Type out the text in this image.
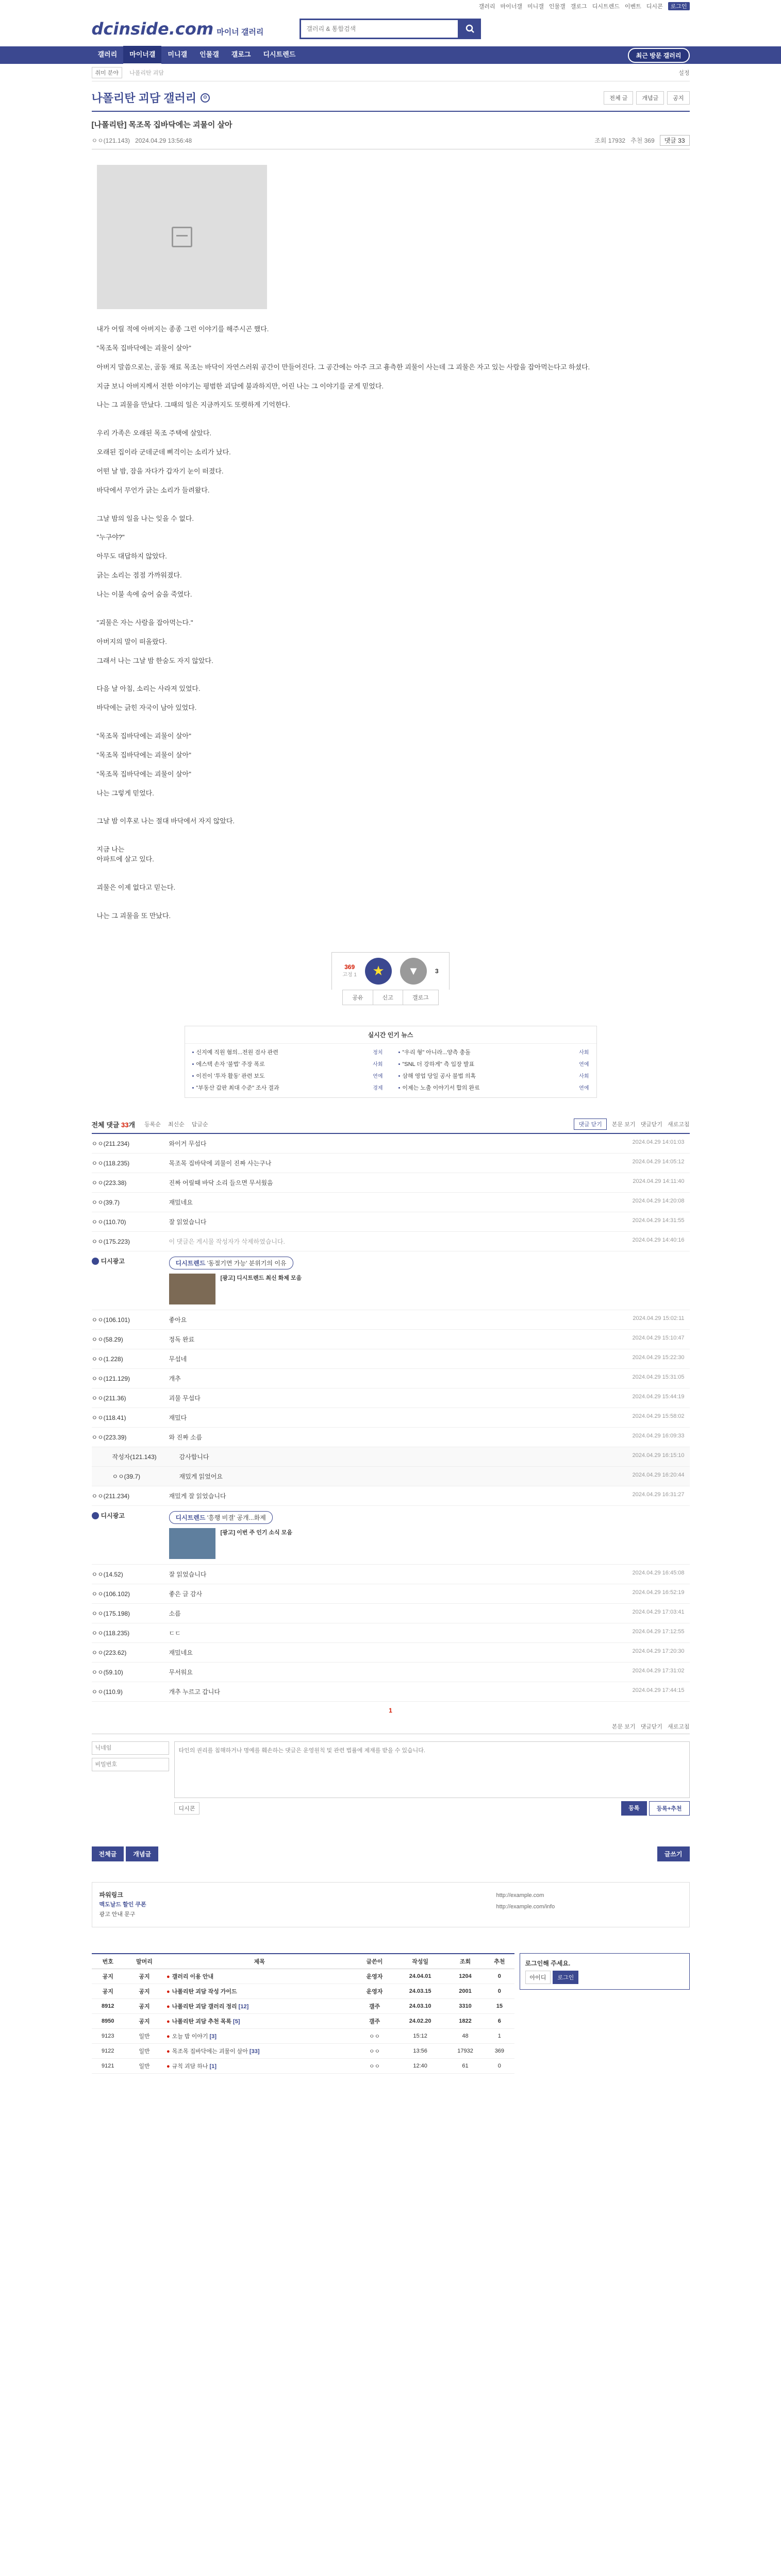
갤러리 마이너갤 미니갤 인물갤 갤로그 디시트렌드 이벤트 디시콘	로그인
dcinside.com 마이너 갤러리
갤러리 & 통합검색
갤러리	마이너갤	미니갤	인물갤	갤로그	디시트렌드	최근 방문 갤러리
취미 분야	나폴리탄 괴담	설정
나폴리탄 괴담 갤러리	⚙	전체 글	개념글	공지
[나폴리탄] 목조목 집바닥에는 괴물이 살아
ㅇㅇ(121.143) 2024.04.29 13:56:48	조회 17932 추천 369	댓글 33

내가 어릴 적에 아버지는 종종 그런 이야기를 해주시곤 했다.

"목조목 집바닥에는 괴물이 살아"

아버지 말씀으로는, 골동 재료 목조는 바닥이 자연스러워 공간이 만들어진다. 그 공간에는 아주 크고 흉측한 괴물이 사는데 그 괴물은 자고 있는 사람을 잡아먹는다고 하셨다.

지금 보니 아버지께서 전한 이야기는 평범한 괴담에 불과하지만, 어린 나는 그 이야기를 굳게 믿었다.

나는 그 괴물을 만났다. 그때의 일은 지금까지도 또렷하게 기억한다.

우리 가족은 오래된 목조 주택에 살았다.

오래된 집이라 군데군데 삐걱이는 소리가 났다.

어떤 날 밤, 잠을 자다가 갑자기 눈이 떠졌다.

바닥에서 무언가 긁는 소리가 들려왔다.

그날 밤의 일을 나는 잊을 수 없다.

"누구야?"

아무도 대답하지 않았다.

긁는 소리는 점점 가까워졌다.

나는 이불 속에 숨어 숨을 죽였다.

"괴물은 자는 사람을 잡아먹는다."

아버지의 말이 떠올랐다.

그래서 나는 그날 밤 한숨도 자지 않았다.

다음 날 아침, 소리는 사라져 있었다.

바닥에는 긁힌 자국이 남아 있었다.

"목조목 집바닥에는 괴물이 살아"

"목조목 집바닥에는 괴물이 살아"

"목조목 집바닥에는 괴물이 살아"

나는 그렇게 믿었다.

그날 밤 이후로 나는 절대 바닥에서 자지 않았다.

지금 나는

아파트에 살고 있다.

괴물은 이제 없다고 믿는다.

나는 그 괴물을 또 만났다.

369
고정 1 ★ ▼	3
공유	신고	갤로그
실시간 인기 뉴스
• 신지예 직원 혐의...전원 검사 관련	정치
• 에스텍 손자 '불법' 주장 폭로	사회
• 이진이 '투자 활동' 관련 보도	연예
• "부동산 갑판 최대 수준" 조사 결과	경제
• "우리 형" 아니라...양측 충돌	사회
• "SNL 더 강하게" 측 입장 발표	연예
• 삼해 영업 당일 공사 불법 의혹	사회
• 이제는 노출 이야기서 합의 완료	연예
전체 댓글 33개 등록순 최신순 답글순	댓글 닫기	본문 보기 댓글닫기 새로고침
ㅇㅇ(211.234)	와이거 무섭다	2024.04.29 14:01:03
ㅇㅇ(118.235)	목조목 집바닥에 괴물이 진짜 사는구나	2024.04.29 14:05:12
ㅇㅇ(223.38)	진짜 어릴때 바닥 소리 들으면 무서웠음	2024.04.29 14:11:40
ㅇㅇ(39.7)	재밌네요	2024.04.29 14:20:08
ㅇㅇ(110.70)	잘 읽었습니다	2024.04.29 14:31:55
ㅇㅇ(175.223)	이 댓글은 게시물 작성자가 삭제하였습니다.	2024.04.29 14:40:16
디시광고	디시트렌드 '동절기면 가능' 분위기의 이유
[광고] 디시트렌드 최신 화제 모음
ㅇㅇ(106.101)	좋아요	2024.04.29 15:02:11
ㅇㅇ(58.29)	정독 완료	2024.04.29 15:10:47
ㅇㅇ(1.228)	무섭네	2024.04.29 15:22:30
ㅇㅇ(121.129)	개추	2024.04.29 15:31:05
ㅇㅇ(211.36)	괴물 무섭다	2024.04.29 15:44:19
ㅇㅇ(118.41)	재밌다	2024.04.29 15:58:02
ㅇㅇ(223.39)	와 진짜 소름	2024.04.29 16:09:33
작성자(121.143)	감사합니다	2024.04.29 16:15:10
ㅇㅇ(39.7)	재밌게 읽었어요	2024.04.29 16:20:44
ㅇㅇ(211.234)	재밌게 잘 읽었습니다	2024.04.29 16:31:27
디시광고	디시트렌드 '흥행 비결' 공개...화제
[광고] 이번 주 인기 소식 모음
ㅇㅇ(14.52)	잘 읽었습니다	2024.04.29 16:45:08
ㅇㅇ(106.102)	좋은 글 감사	2024.04.29 16:52:19
ㅇㅇ(175.198)	소름	2024.04.29 17:03:41
ㅇㅇ(118.235)	ㄷㄷ	2024.04.29 17:12:55
ㅇㅇ(223.62)	재밌네요	2024.04.29 17:20:30
ㅇㅇ(59.10)	무서워요	2024.04.29 17:31:02
ㅇㅇ(110.9)	개추 누르고 갑니다	2024.04.29 17:44:15
1
본문 보기 댓글닫기 새로고침
닉네임
비밀번호
타인의 권리를 침해하거나 명예를 훼손하는 댓글은 운영원칙 및 관련 법률에 제재를 받을 수 있습니다.
디시콘	등록	등록+추천
전체글	개념글	글쓰기
파워링크
맥도날드 할인 쿠폰
광고 안내 문구
http://example.com
http://example.com/info
번호	말머리	제목	글쓴이	작성일	조회	추천
공지	공지	● 갤러리 이용 안내	운영자	24.04.01	1204	0
공지	공지	● 나폴리탄 괴담 작성 가이드	운영자	24.03.15	2001	0
8912	공지	● 나폴리탄 괴담 갤러리 정리 [12]	갤주	24.03.10	3310	15
8950	공지	● 나폴리탄 괴담 추천 목록 [5]	갤주	24.02.20	1822	6
9123	일반	● 오늘 밤 이야기 [3]	ㅇㅇ	15:12	48	1
9122	일반	● 목조목 집바닥에는 괴물이 살아 [33]	ㅇㅇ	13:56	17932	369
9121	일반	● 규칙 괴담 하나 [1]	ㅇㅇ	12:40	61	0
로그인해 주세요.
아이디	로그인
